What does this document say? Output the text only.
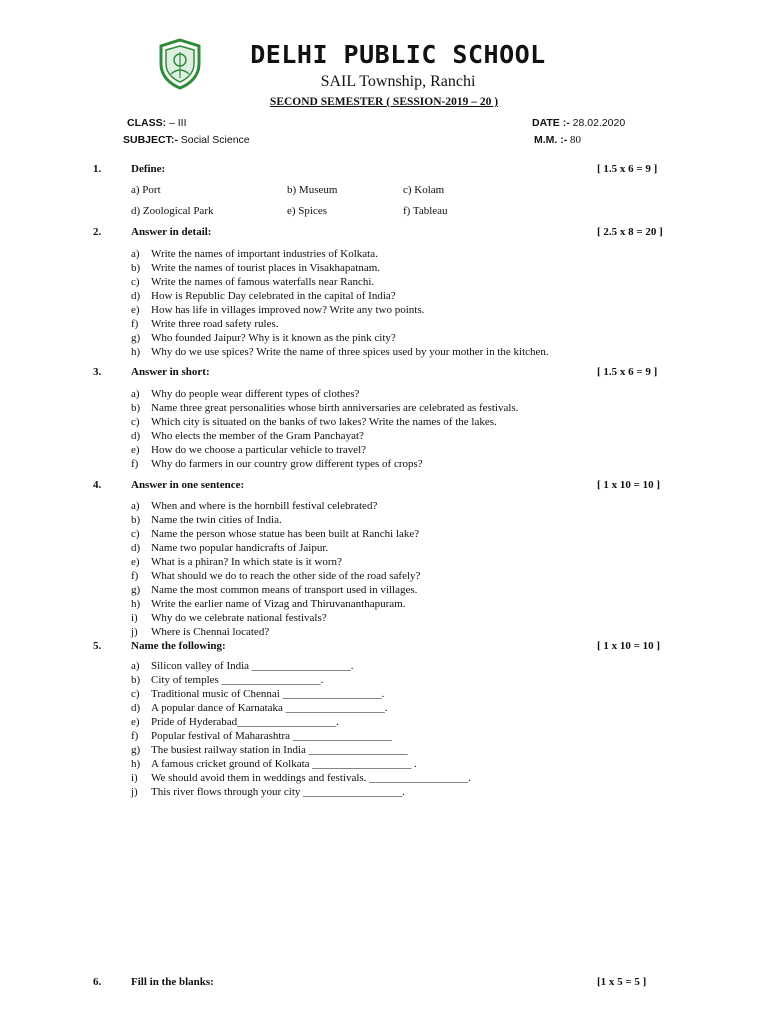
DELHI PUBLIC SCHOOL
SAIL Township, Ranchi
SECOND SEMESTER ( SESSION-2019 – 20 )
CLASS: – III	DATE :- 28.02.2020
SUBJECT:- Social Science	M.M. :- 80
1.	Define:	[ 1.5 x 6 = 9 ]
a) Port	b) Museum	c) Kolam
d) Zoological Park	e) Spices	f) Tableau
2.	Answer in detail:	[ 2.5 x 8 = 20 ]
a)	Write the names of important industries of Kolkata.
b) Write the names of tourist places in Visakhapatnam.
c)	Write the names of famous waterfalls near Ranchi.
d) How is Republic Day celebrated in the capital of India?
e)	How has life in villages improved now? Write any two points.
f)	Write three road safety rules.
g) Who founded Jaipur? Why is it known as the pink city?
h) Why do we use spices? Write the name of three spices used by your mother in the kitchen.
3.	Answer in short:	[ 1.5 x 6 = 9 ]
a)	Why do people wear different types of clothes?
b) Name three great personalities whose birth anniversaries are celebrated as festivals.
c)	Which city is situated on the banks of two lakes? Write the names of the lakes.
d) Who elects the member of the Gram Panchayat?
e)	How do we choose a particular vehicle to travel?
f)	Why do farmers in our country grow different types of crops?
4.	Answer in one sentence:	[ 1 x 10 = 10 ]
a)	When and where is the hornbill festival celebrated?
b) Name the twin cities of India.
c)	Name the person whose statue has been built at Ranchi lake?
d) Name two popular handicrafts of Jaipur.
e)	What is a phiran? In which state is it worn?
f)	What should we do to reach the other side of the road safely?
g) Name the most common means of transport used in villages.
h) Write the earlier name of Vizag and Thiruvananthapuram.
i)	Why do we celebrate national festivals?
j)	Where is Chennai located?
5.	Name the following:	[ 1 x 10 = 10 ]
a)	Silicon valley of India __________________.
b) City of temples __________________.
c)	Traditional music of Chennai __________________.
d) A popular dance of Karnataka __________________.
e)	Pride of Hyderabad__________________.
f)	Popular festival of Maharashtra __________________
g) The busiest railway station in India __________________
h) A famous cricket ground of Kolkata __________________ .
i)	We should avoid them in weddings and festivals. __________________.
j)	This river flows through your city __________________.
6.	Fill in the blanks:	[1 x 5 = 5 ]
